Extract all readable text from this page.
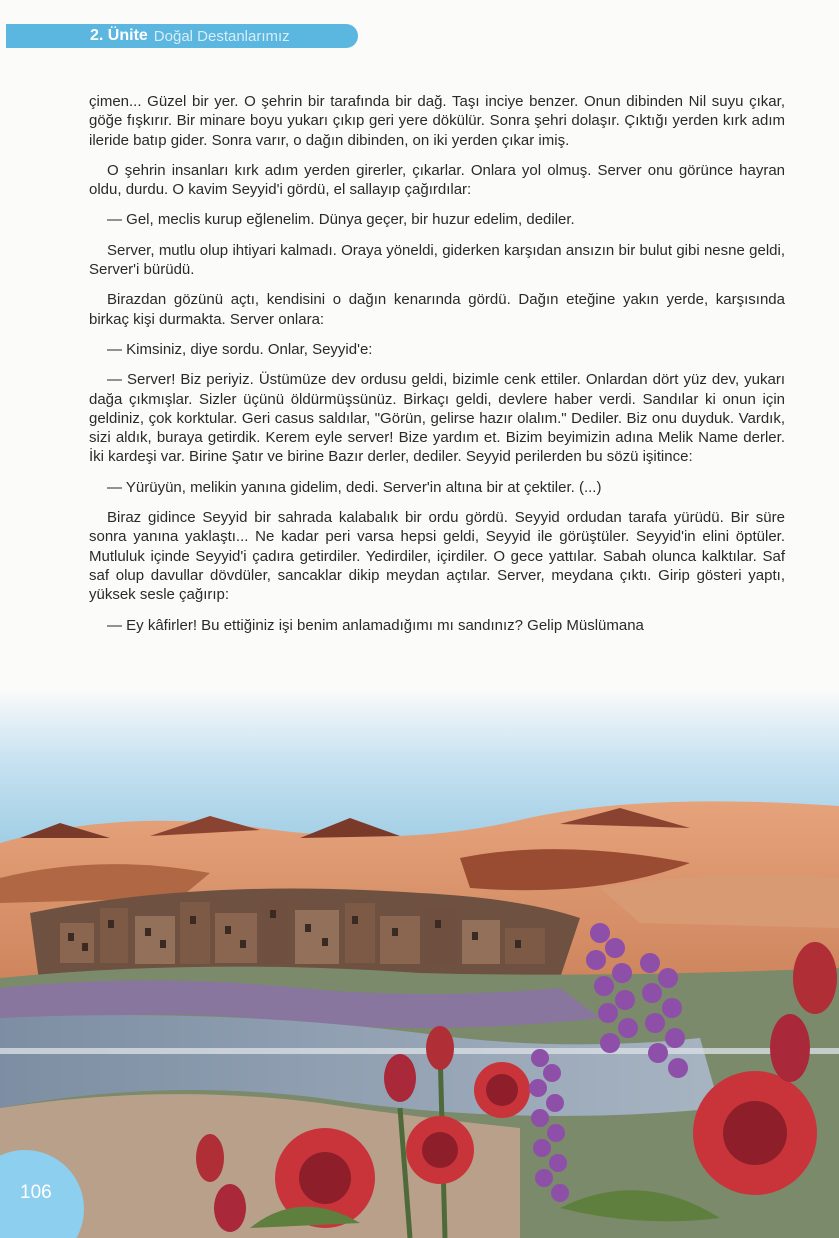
2. Ünite Doğal Destanlarımız

çimen... Güzel bir yer. O şehrin bir tarafında bir dağ. Taşı inciye benzer. Onun dibinden Nil suyu çıkar, göğe fışkırır. Bir minare boyu yukarı çıkıp geri yere dökülür. Sonra şehri dolaşır. Çıktığı yerden kırk adım ileride batıp gider. Sonra varır, o dağın dibinden, on iki yerden çıkar imiş.

O şehrin insanları kırk adım yerden girerler, çıkarlar. Onlara yol olmuş. Server onu görünce hayran oldu, durdu. O kavim Seyyid'i gördü, el sallayıp çağırdılar:

— Gel, meclis kurup eğlenelim. Dünya geçer, bir huzur edelim, dediler.

Server, mutlu olup ihtiyari kalmadı. Oraya yöneldi, giderken karşıdan ansızın bir bulut gibi nesne geldi, Server'i bürüdü.

Birazdan gözünü açtı, kendisini o dağın kenarında gördü. Dağın eteğine yakın yerde, karşısında birkaç kişi durmakta. Server onlara:

— Kimsiniz, diye sordu. Onlar, Seyyid'e:

— Server! Biz periyiz. Üstümüze dev ordusu geldi, bizimle cenk ettiler. Onlardan dört yüz dev, yukarı dağa çıkmışlar. Sizler üçünü öldürmüşsünüz. Birkaçı geldi, devlere haber verdi. Sandılar ki onun için geldiniz, çok korktular. Geri casus saldılar, "Görün, gelirse hazır olalım." Dediler. Biz onu duyduk. Vardık, sizi aldık, buraya getirdik. Kerem eyle server! Bize yardım et. Bizim beyimizin adına Melik Name derler. İki kardeşi var. Birine Şatır ve birine Bazır derler, dediler. Seyyid perilerden bu sözü işitince:

— Yürüyün, melikin yanına gidelim, dedi. Server'in altına bir at çektiler. (...)

Biraz gidince Seyyid bir sahrada kalabalık bir ordu gördü. Seyyid ordudan tarafa yürüdü. Bir süre sonra yanına yaklaştı... Ne kadar peri varsa hepsi geldi, Seyyid ile görüştüler. Seyyid'in elini öptüler. Mutluluk içinde Seyyid'i çadıra getirdiler. Yedirdiler, içirdiler. O gece yattılar. Sabah olunca kalktılar. Saf saf olup davullar dövdüler, sancaklar dikip meydan açtılar. Server, meydana çıktı. Girip gösteri yaptı, yüksek sesle çağırıp:

— Ey kâfirler! Bu ettiğiniz işi benim anlamadığımı mı sandınız? Gelip Müslümana

106
